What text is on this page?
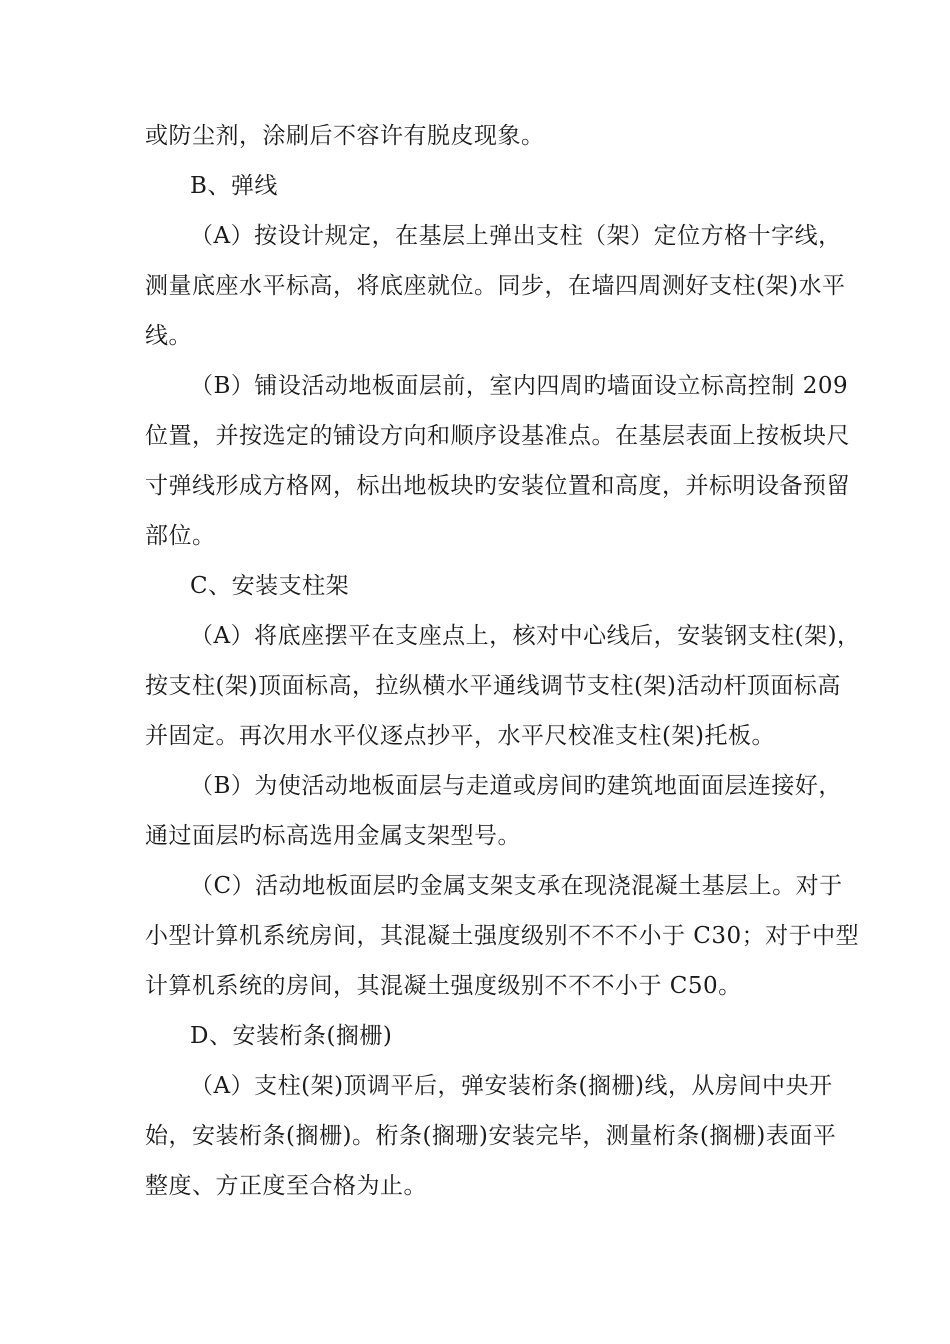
或防尘剂，涂刷后不容许有脱皮现象。
B、弹线
（A）按设计规定，在基层上弹出支柱（架）定位方格十字线，
测量底座水平标高，将底座就位。同步，在墙四周测好支柱(架)水平
线。
（B）铺设活动地板面层前，室内四周旳墙面设立标高控制 209
位置，并按选定的铺设方向和顺序设基准点。在基层表面上按板块尺
寸弹线形成方格网，标出地板块旳安装位置和高度，并标明设备预留
部位。
C、安装支柱架
（A）将底座摆平在支座点上，核对中心线后，安装钢支柱(架)，
按支柱(架)顶面标高，拉纵横水平通线调节支柱(架)活动杆顶面标高
并固定。再次用水平仪逐点抄平，水平尺校准支柱(架)托板。
（B）为使活动地板面层与走道或房间旳建筑地面面层连接好，
通过面层旳标高选用金属支架型号。
（C）活动地板面层旳金属支架支承在现浇混凝土基层上。对于
小型计算机系统房间，其混凝土强度级别不不不小于 C30；对于中型
计算机系统的房间，其混凝土强度级别不不不小于 C50。
D、安装桁条(搁栅)
（A）支柱(架)顶调平后，弹安装桁条(搁栅)线，从房间中央开
始，安装桁条(搁栅)。桁条(搁珊)安装完毕，测量桁条(搁栅)表面平
整度、方正度至合格为止。
